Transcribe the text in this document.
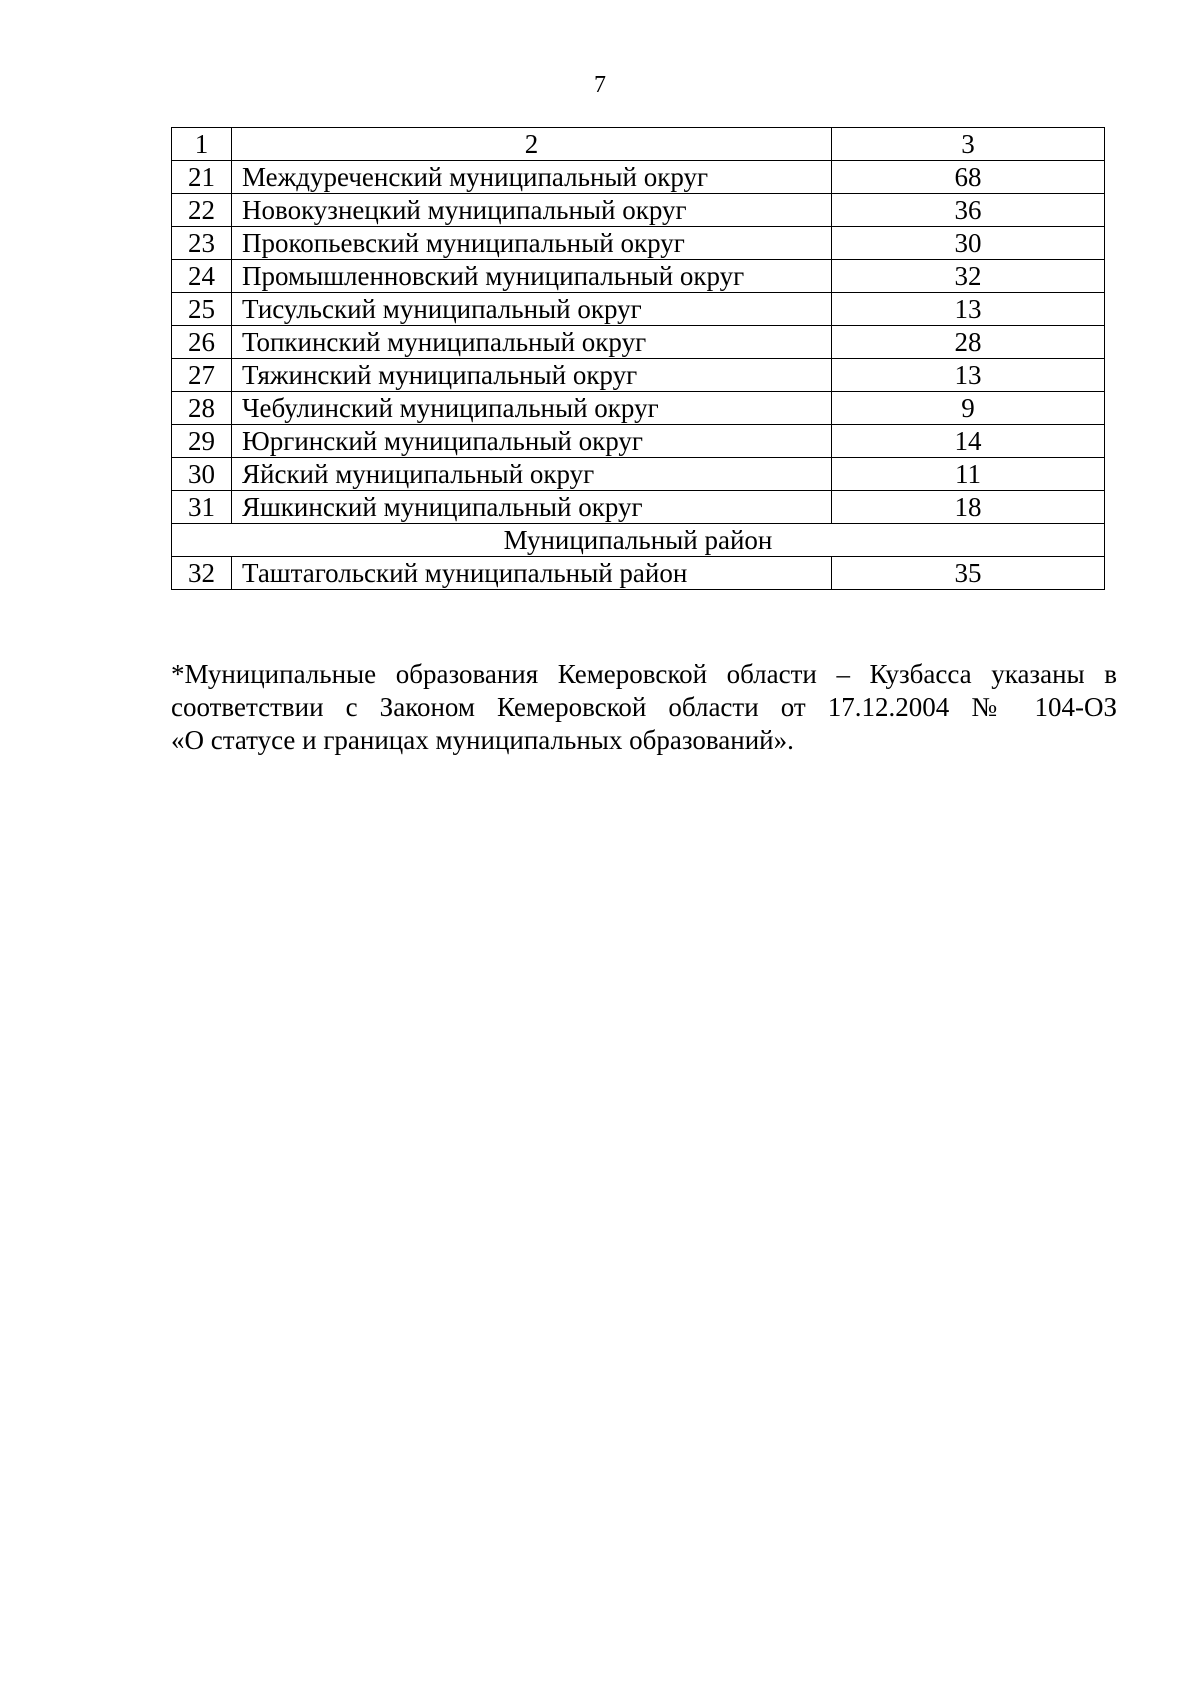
7
1	2	3
21	Междуреченский муниципальный округ	68
22	Новокузнецкий муниципальный округ	36
23	Прокопьевский муниципальный округ	30
24	Промышленновский муниципальный округ	32
25	Тисульский муниципальный округ	13
26	Топкинский муниципальный округ	28
27	Тяжинский муниципальный округ	13
28	Чебулинский муниципальный округ	9
29	Юргинский муниципальный округ	14
30	Яйский муниципальный округ	11
31	Яшкинский муниципальный округ	18
Муниципальный район		
32	Таштагольский муниципальный район	35
*Муниципальные образования Кемеровской области – Кузбасса указаны в
соответствии с Законом Кемеровской области от 17.12.2004 № 104-ОЗ
«О статусе и границах муниципальных образований».
